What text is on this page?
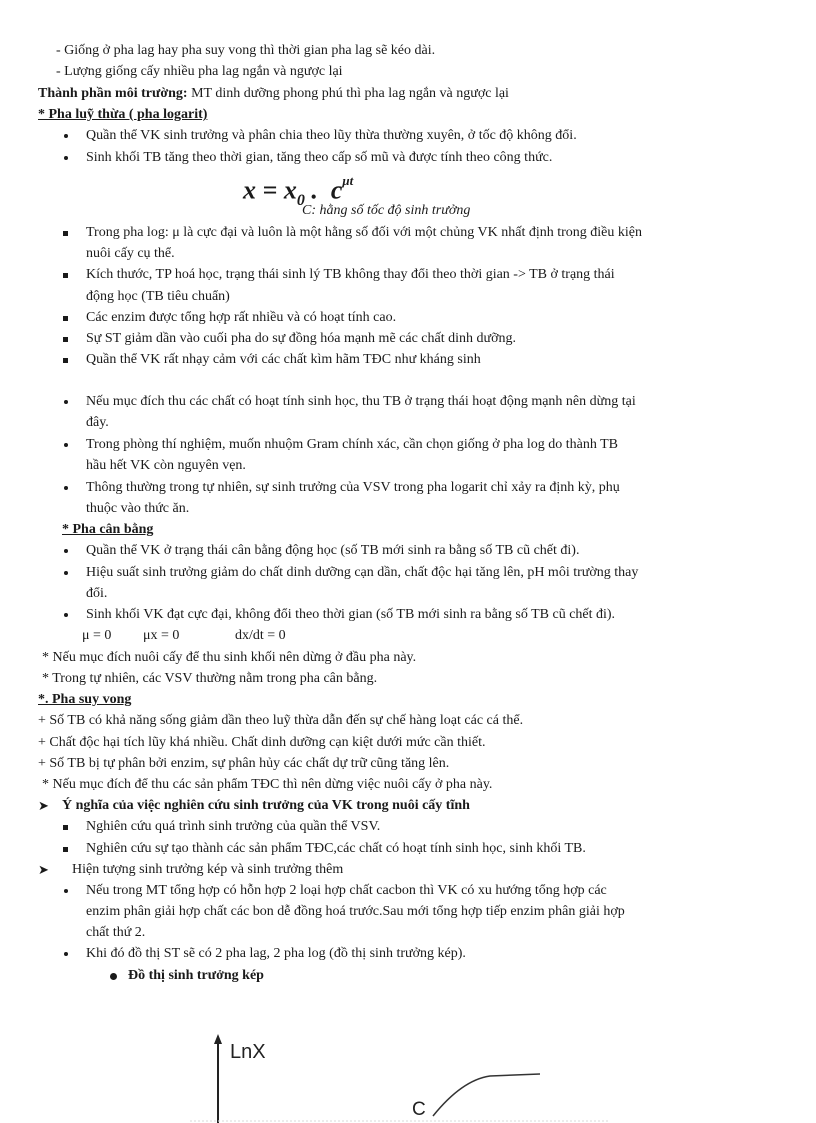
- Giống ở pha lag hay pha suy vong thì thời gian pha lag sẽ kéo dài.
- Lượng giống cấy nhiều pha lag ngắn và ngược lại
Thành phần môi trường: MT dinh dưỡng phong phú thì pha lag ngắn và ngược lại
* Pha luỹ thừa ( pha logarit)
Quần thể VK sinh trưởng và phân chia theo lũy thừa thường xuyên, ở tốc độ không đổi.
Sinh khối TB tăng theo thời gian, tăng theo cấp số mũ và được tính theo công thức.
$x = x_0$ .  $c^{\mu t}$
C: hằng số tốc độ sinh trưởng
Trong pha log: μ là cực đại và luôn là một hằng số đối với một chủng VK nhất định trong điều kiện
nuôi cấy cụ thể.
Kích thước, TP hoá học, trạng thái sinh lý TB không thay đổi theo thời gian -> TB ở trạng thái
động học (TB tiêu chuẩn)
Các enzim được tổng hợp rất nhiều và có hoạt tính cao.
Sự ST giảm dần vào cuối pha do sự đồng hóa mạnh mẽ các chất dinh dưỡng.
Quần thể VK rất nhạy cảm với các chất kìm hãm TĐC như kháng sinh
Nếu mục đích thu các chất có hoạt tính sinh học, thu TB ở trạng thái hoạt động mạnh nên dừng tại
đây.
Trong phòng thí nghiệm, muốn nhuộm Gram chính xác, cần chọn giống ở pha log do thành TB
hầu hết VK còn nguyên vẹn.
Thông thường trong tự nhiên, sự sinh trưởng của VSV trong pha logarit chỉ xảy ra định kỳ, phụ
thuộc vào thức ăn.
* Pha cân bằng
Quần thể VK ở trạng thái cân bằng động học (số TB mới sinh ra bằng số TB cũ chết đi).
Hiệu suất sinh trưởng giảm do chất dinh dưỡng cạn dần, chất độc hại tăng lên, pH môi trường thay
đổi.
Sinh khối VK đạt cực đại, không đổi theo thời gian (số TB mới sinh ra bằng số TB cũ chết đi).
μ = 0 μx = 0	dx/dt = 0
* Nếu mục đích nuôi cấy để thu sinh khối nên dừng ở đầu pha này.
* Trong tự nhiên, các VSV thường nằm trong pha cân bằng.
*. Pha suy vong
+ Số TB có khả năng sống giảm dần theo luỹ thừa dẫn đến sự chế hàng loạt các cá thể.
+ Chất độc hại tích lũy khá nhiều. Chất dinh dưỡng cạn kiệt dưới mức cần thiết.
+ Số TB bị tự phân bởi enzim, sự phân hủy các chất dự trữ cũng tăng lên.
* Nếu mục đích để thu các sản phẩm TĐC thì nên dừng việc nuôi cấy ở pha này.
➤ Ý nghĩa của việc nghiên cứu sinh trưởng của VK trong nuôi cấy tĩnh
Nghiên cứu quá trình sinh trưởng của quần thể VSV.
Nghiên cứu sự tạo thành các sản phẩm TĐC,các chất có hoạt tính sinh học, sinh khối TB.
➤ Hiện tượng sinh trưởng kép và sinh trưởng thêm
Nếu trong MT tổng hợp có hỗn hợp 2 loại hợp chất cacbon thì VK có xu hướng tổng hợp các
enzim phân giải hợp chất các bon dễ đồng hoá trước.Sau mới tổng hợp tiếp enzim phân giải hợp
chất thứ 2.
Khi đó đồ thị ST sẽ có 2 pha lag, 2 pha log (đồ thị sinh trưởng kép).
Đồ thị sinh trưởng kép
LnX
C
